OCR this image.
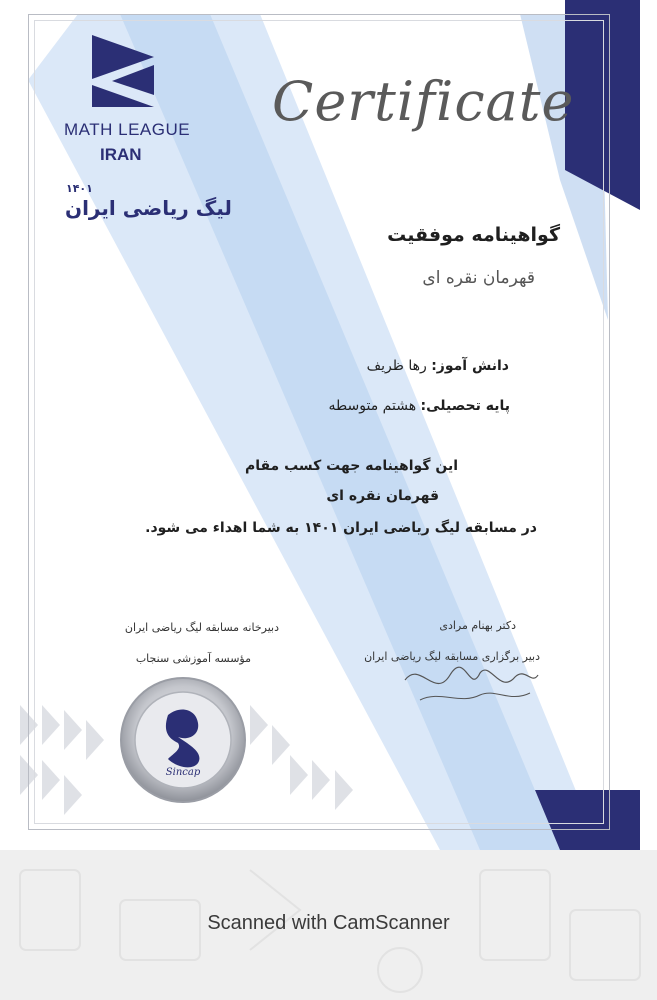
MATH LEAGUE
IRAN
۱۴۰۱
لیگ ریاضی ایران
Certificate
گواهینامه موفقیت
قهرمان نقره ای
دانش آموز: رها ظریف
پایه تحصیلی: هشتم متوسطه
این گواهینامه جهت کسب مقام
قهرمان نقره ای
در مسابقه لیگ ریاضی ایران ۱۴۰۱ به شما اهداء می شود.
دبیرخانه مسابقه لیگ ریاضی ایران
مؤسسه آموزشی سنجاب
دکتر بهنام مرادی
دبیر برگزاری مسابقه لیگ ریاضی ایران
Sincap
Scanned with CamScanner
